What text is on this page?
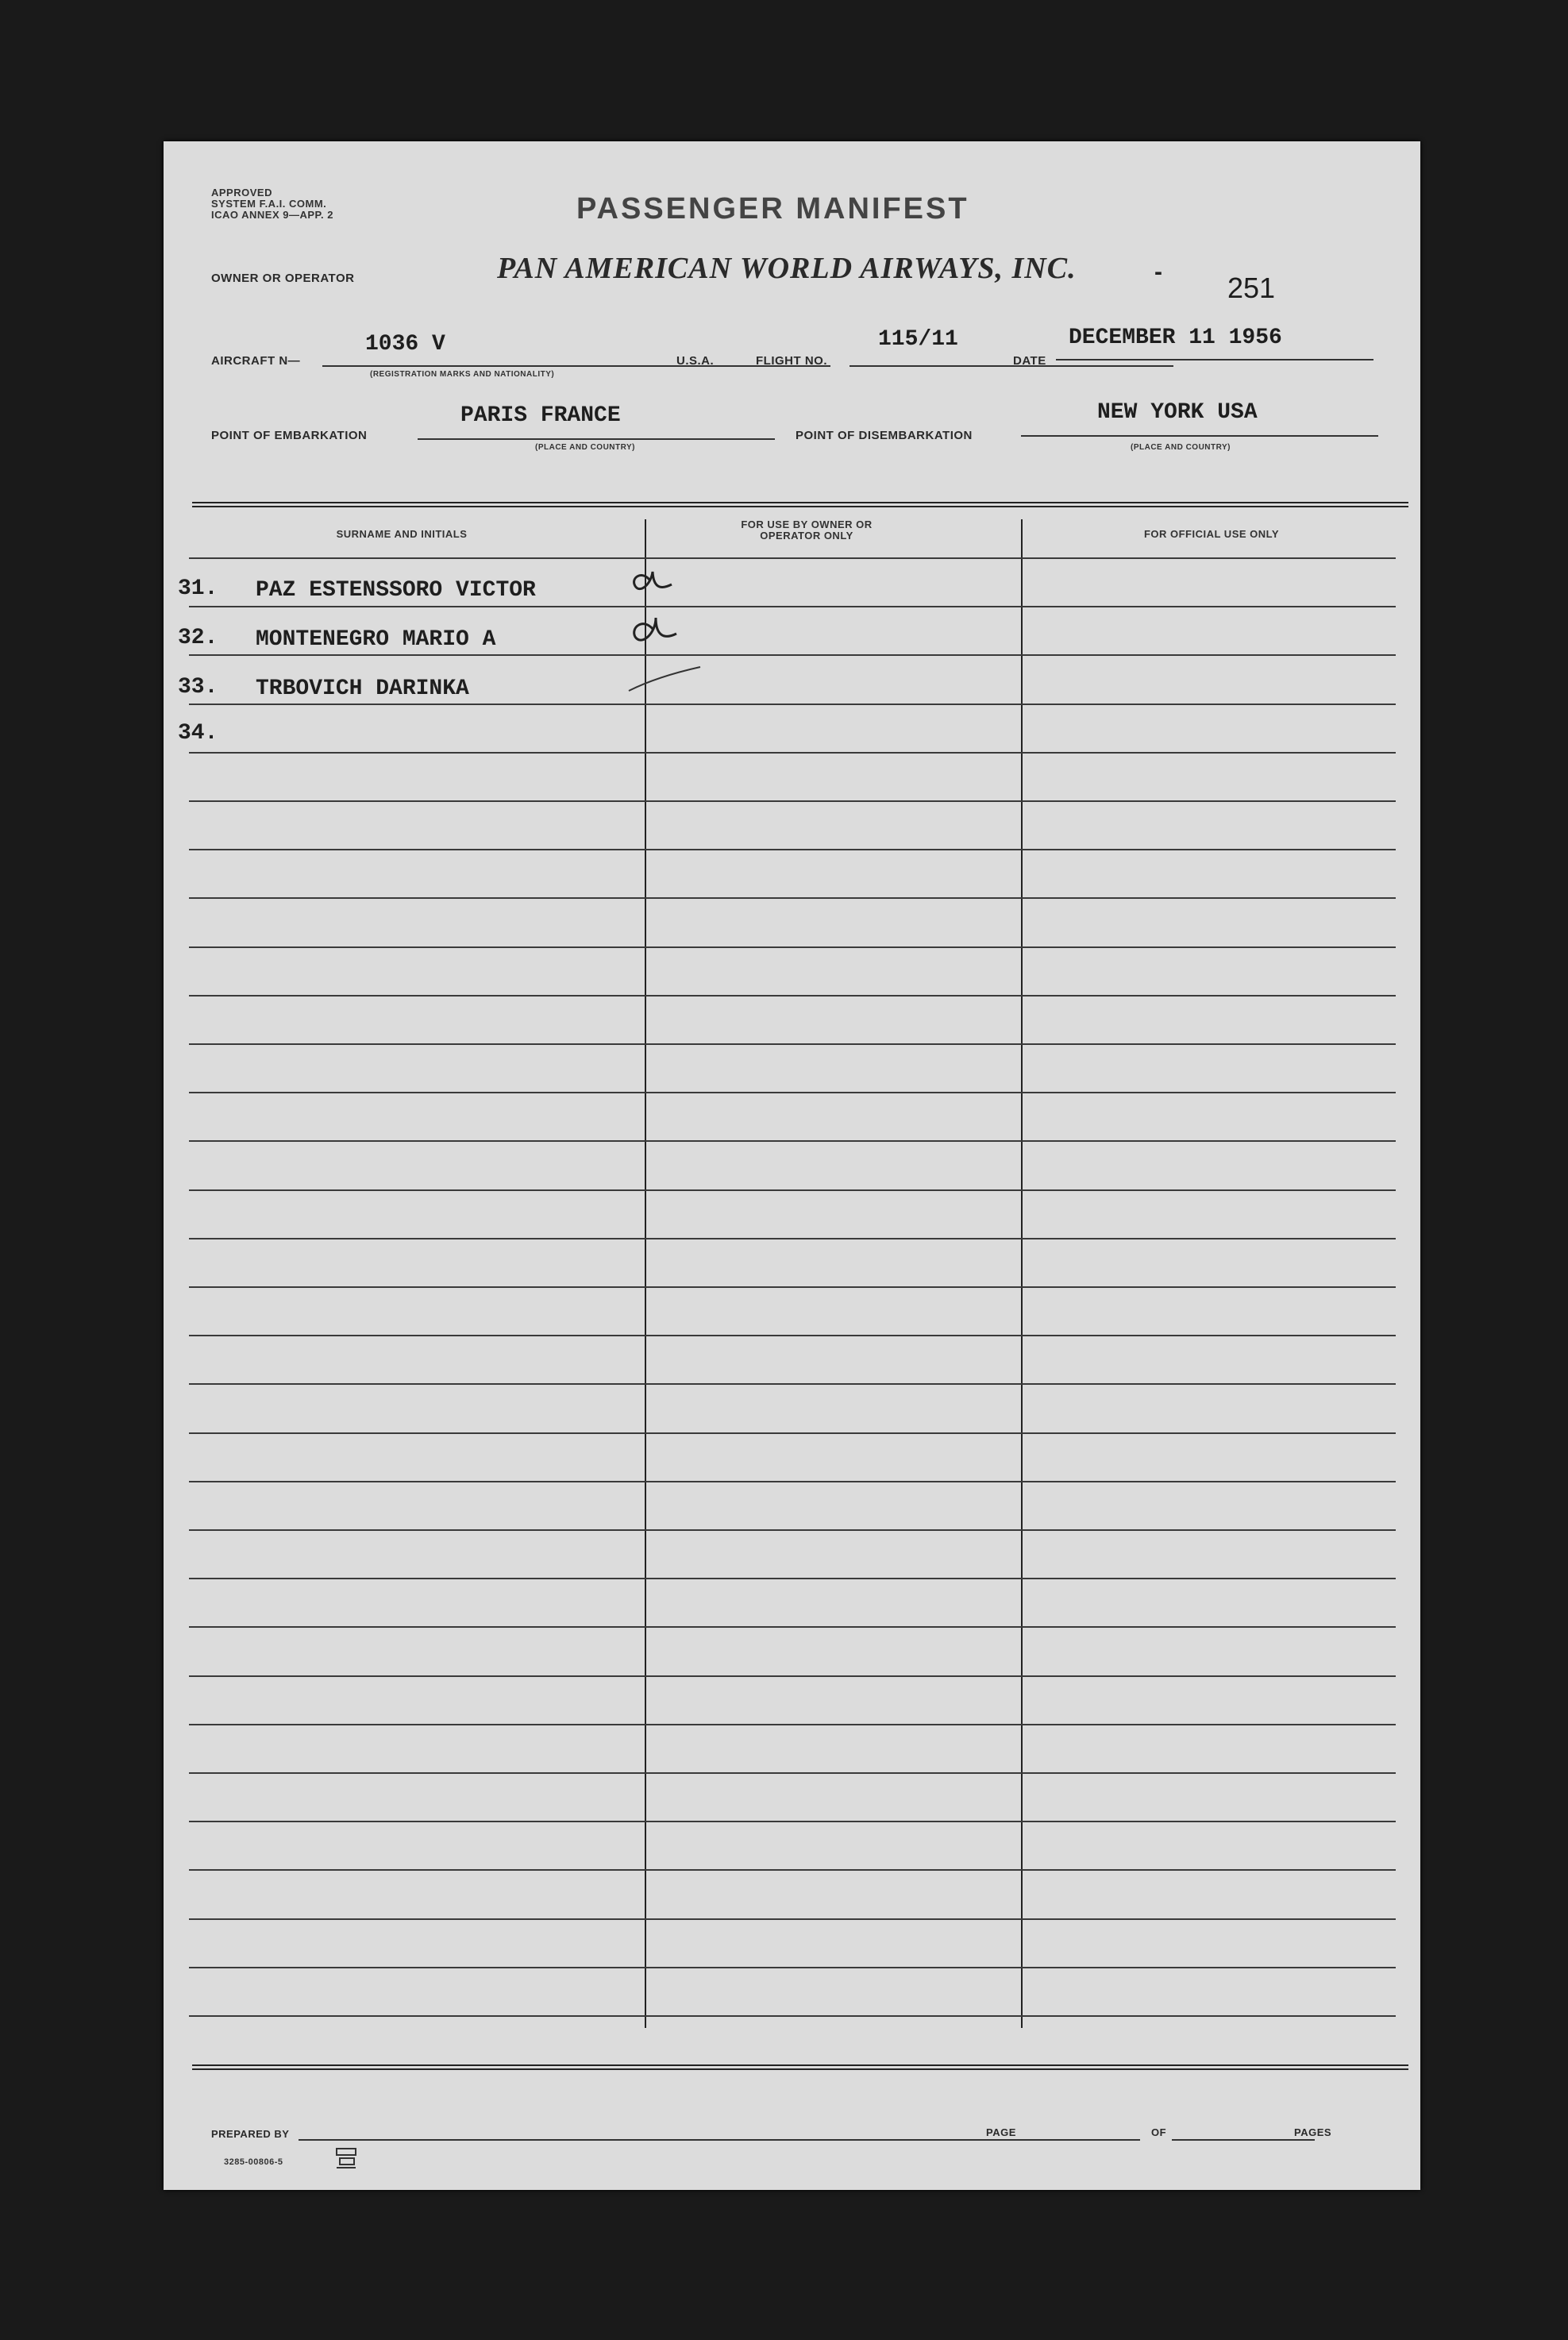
APPROVED
SYSTEM F.A.I. COMM.
ICAO ANNEX 9—APP. 2	PASSENGER MANIFEST
OWNER OR OPERATOR	PAN AMERICAN WORLD AIRWAYS, INC.	- 251
AIRCRAFT N—
1036 V
(REGISTRATION MARKS AND NATIONALITY)
U.S.A.	FLIGHT NO.
115/11
DATE
DECEMBER 11 1956
POINT OF EMBARKATION
PARIS FRANCE
(PLACE AND COUNTRY)
POINT OF DISEMBARKATION
NEW YORK USA
(PLACE AND COUNTRY)
SURNAME AND INITIALS
FOR USE BY OWNER OR OPERATOR ONLY	FOR OFFICIAL USE ONLY
31. PAZ ESTENSSORO VICTOR
32. MONTENEGRO MARIO A
33. TRBOVICH DARINKA
34.
PREPARED BY	PAGE	OF	PAGES
3285-00806-5
